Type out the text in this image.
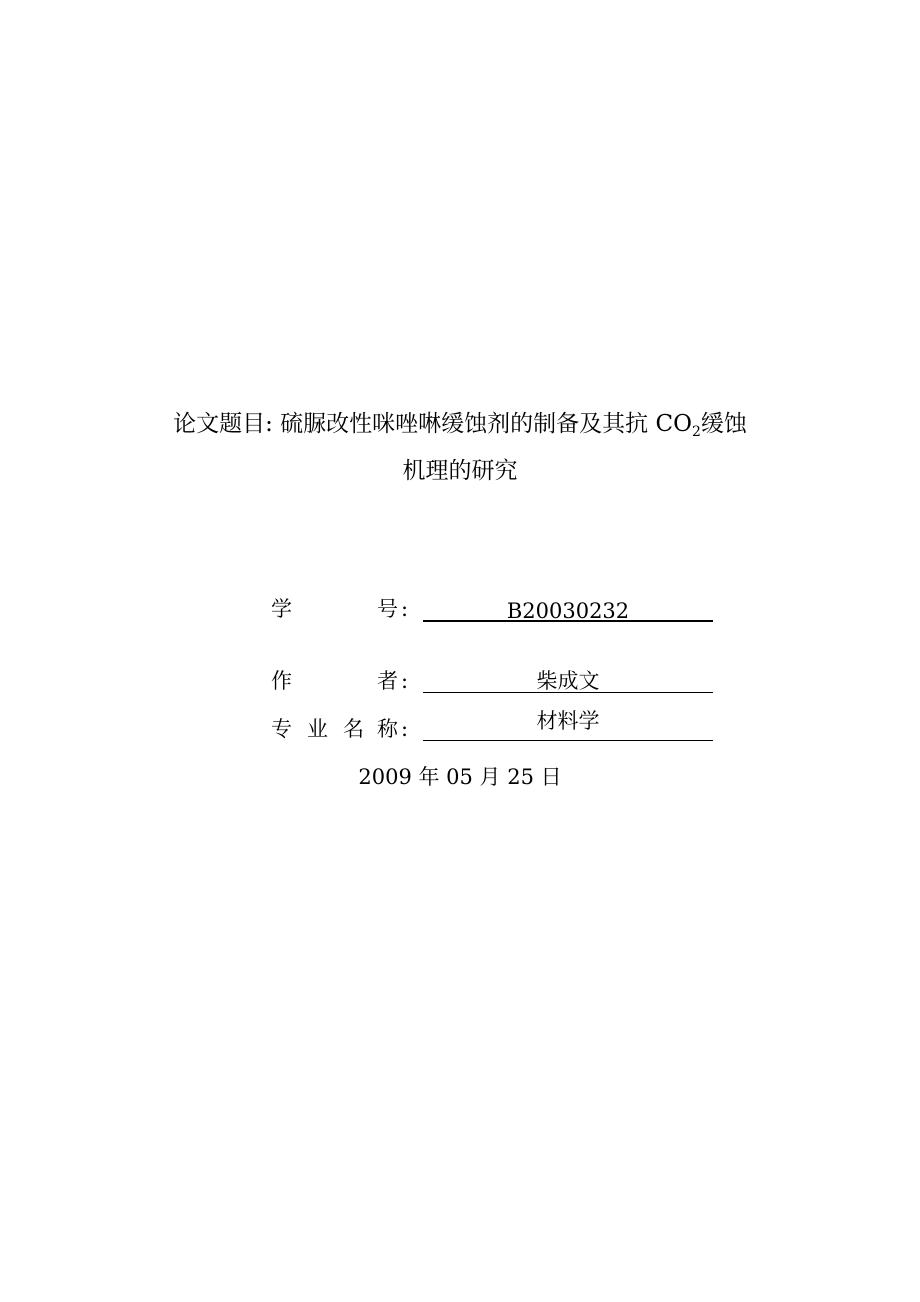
论文题目: 硫脲改性咪唑啉缓蚀剂的制备及其抗 $CO_2$缓蚀
机理的研究
学	号 :	B20030232
作	者 :	柴成文
专 业 名 称 :	材料学
2009 年 05 月 25 日
